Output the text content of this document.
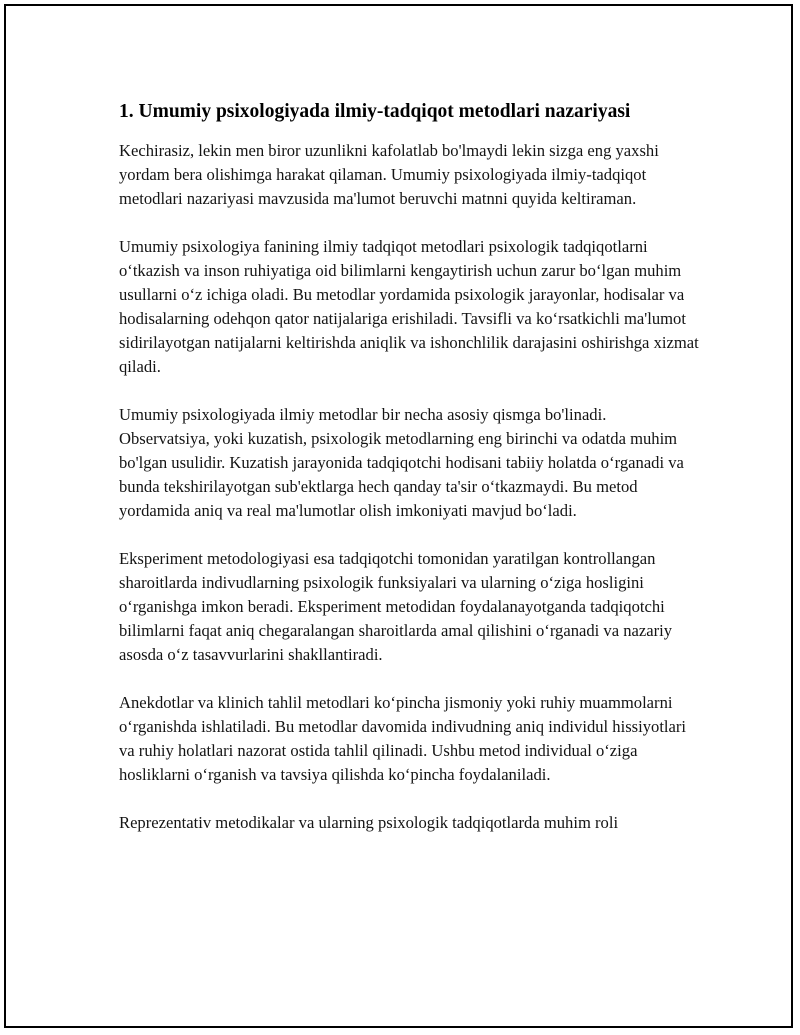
1. Umumiy psixologiyada ilmiy-tadqiqot metodlari nazariyasi

Kechirasiz, lekin men biror uzunlikni kafolatlab bo'lmaydi lekin sizga eng yaxshi yordam bera olishimga harakat qilaman. Umumiy psixologiyada ilmiy-tadqiqot metodlari nazariyasi mavzusida ma'lumot beruvchi matnni quyida keltiraman.

Umumiy psixologiya fanining ilmiy tadqiqot metodlari psixologik tadqiqotlarni o‘tkazish va inson ruhiyatiga oid bilimlarni kengaytirish uchun zarur bo‘lgan muhim usullarni o‘z ichiga oladi. Bu metodlar yordamida psixologik jarayonlar, hodisalar va hodisalarning odehqon qator natijalariga erishiladi. Tavsifli va ko‘rsatkichli ma'lumot sidirilayotgan natijalarni keltirishda aniqlik va ishonchlilik darajasini oshirishga xizmat qiladi.

Umumiy psixologiyada ilmiy metodlar bir necha asosiy qismga bo'linadi. Observatsiya, yoki kuzatish, psixologik metodlarning eng birinchi va odatda muhim bo'lgan usulidir. Kuzatish jarayonida tadqiqotchi hodisani tabiiy holatda o‘rganadi va bunda tekshirilayotgan sub'ektlarga hech qanday ta'sir o‘tkazmaydi. Bu metod yordamida aniq va real ma'lumotlar olish imkoniyati mavjud bo‘ladi.

Eksperiment metodologiyasi esa tadqiqotchi tomonidan yaratilgan kontrollangan sharoitlarda indivudlarning psixologik funksiyalari va ularning o‘ziga hosligini o‘rganishga imkon beradi. Eksperiment metodidan foydalanayotganda tadqiqotchi bilimlarni faqat aniq chegaralangan sharoitlarda amal qilishini o‘rganadi va nazariy asosda o‘z tasavvurlarini shakllantiradi.

Anekdotlar va klinich tahlil metodlari ko‘pincha jismoniy yoki ruhiy muammolarni o‘rganishda ishlatiladi. Bu metodlar davomida indivudning aniq individul hissiyotlari va ruhiy holatlari nazorat ostida tahlil qilinadi. Ushbu metod individual o‘ziga hosliklarni o‘rganish va tavsiya qilishda ko‘pincha foydalaniladi.

Reprezentativ metodikalar va ularning psixologik tadqiqotlarda muhim roli
